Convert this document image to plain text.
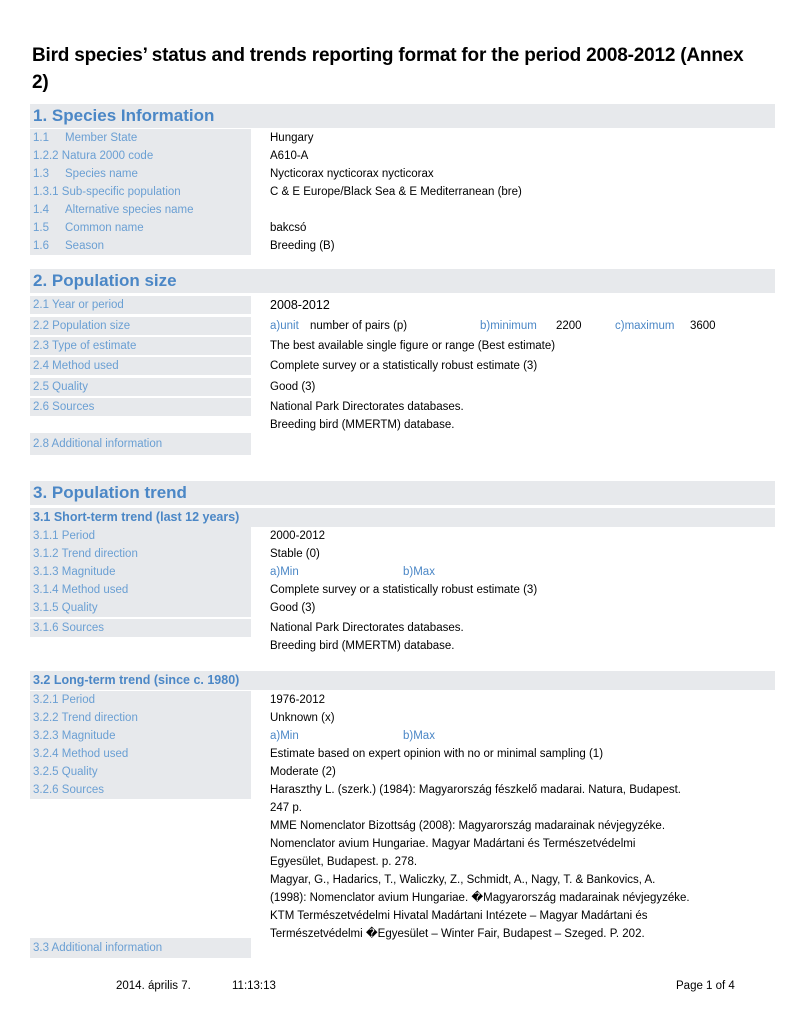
Bird species’ status and trends reporting format for the period 2008-2012 (Annex 2)
1. Species Information
1.1 Member State	Hungary
1.2.2 Natura 2000 code	A610-A
1.3 Species name	Nycticorax nycticorax nycticorax
1.3.1 Sub-specific population	C & E Europe/Black Sea & E Mediterranean (bre)
1.4 Alternative species name
1.5 Common name	bakcsó
1.6 Season	Breeding (B)
2. Population size
2.1 Year or period	2008-2012
2.2 Population size	a)unit number of pairs (p)	b)minimum 2200	c)maximum 3600
2.3 Type of estimate	The best available single figure or range (Best estimate)
2.4 Method used	Complete survey or a statistically robust estimate (3)
2.5 Quality	Good (3)
2.6 Sources	National Park Directorates databases.
Breeding bird (MMERTM) database.
2.8 Additional information
3. Population trend
3.1 Short-term trend (last 12 years)
3.1.1 Period	2000-2012
3.1.2 Trend direction	Stable (0)
3.1.3 Magnitude	a)Min	b)Max
3.1.4 Method used	Complete survey or a statistically robust estimate (3)
3.1.5 Quality	Good (3)
3.1.6 Sources	National Park Directorates databases.
Breeding bird (MMERTM) database.
3.2 Long-term trend (since c. 1980)
3.2.1 Period	1976-2012
3.2.2 Trend direction	Unknown (x)
3.2.3 Magnitude	a)Min	b)Max
3.2.4 Method used	Estimate based on expert opinion with no or minimal sampling (1)
3.2.5 Quality	Moderate (2)
3.2.6 Sources	Haraszthy L. (szerk.) (1984): Magyarország fészkelő madarai. Natura, Budapest.
247 p.
MME Nomenclator Bizottság (2008): Magyarország madarainak névjegyzéke.
Nomenclator avium Hungariae. Magyar Madártani és Természetvédelmi
Egyesület, Budapest. p. 278.
Magyar, G., Hadarics, T., Waliczky, Z., Schmidt, A., Nagy, T. & Bankovics, A.
(1998): Nomenclator avium Hungariae. �Magyarország madarainak névjegyzéke.
KTM Természetvédelmi Hivatal Madártani Intézete – Magyar Madártani és
Természetvédelmi �Egyesület – Winter Fair, Budapest – Szeged. P. 202.
3.3 Additional information
2014. április 7.	11:13:13	Page 1 of 4
